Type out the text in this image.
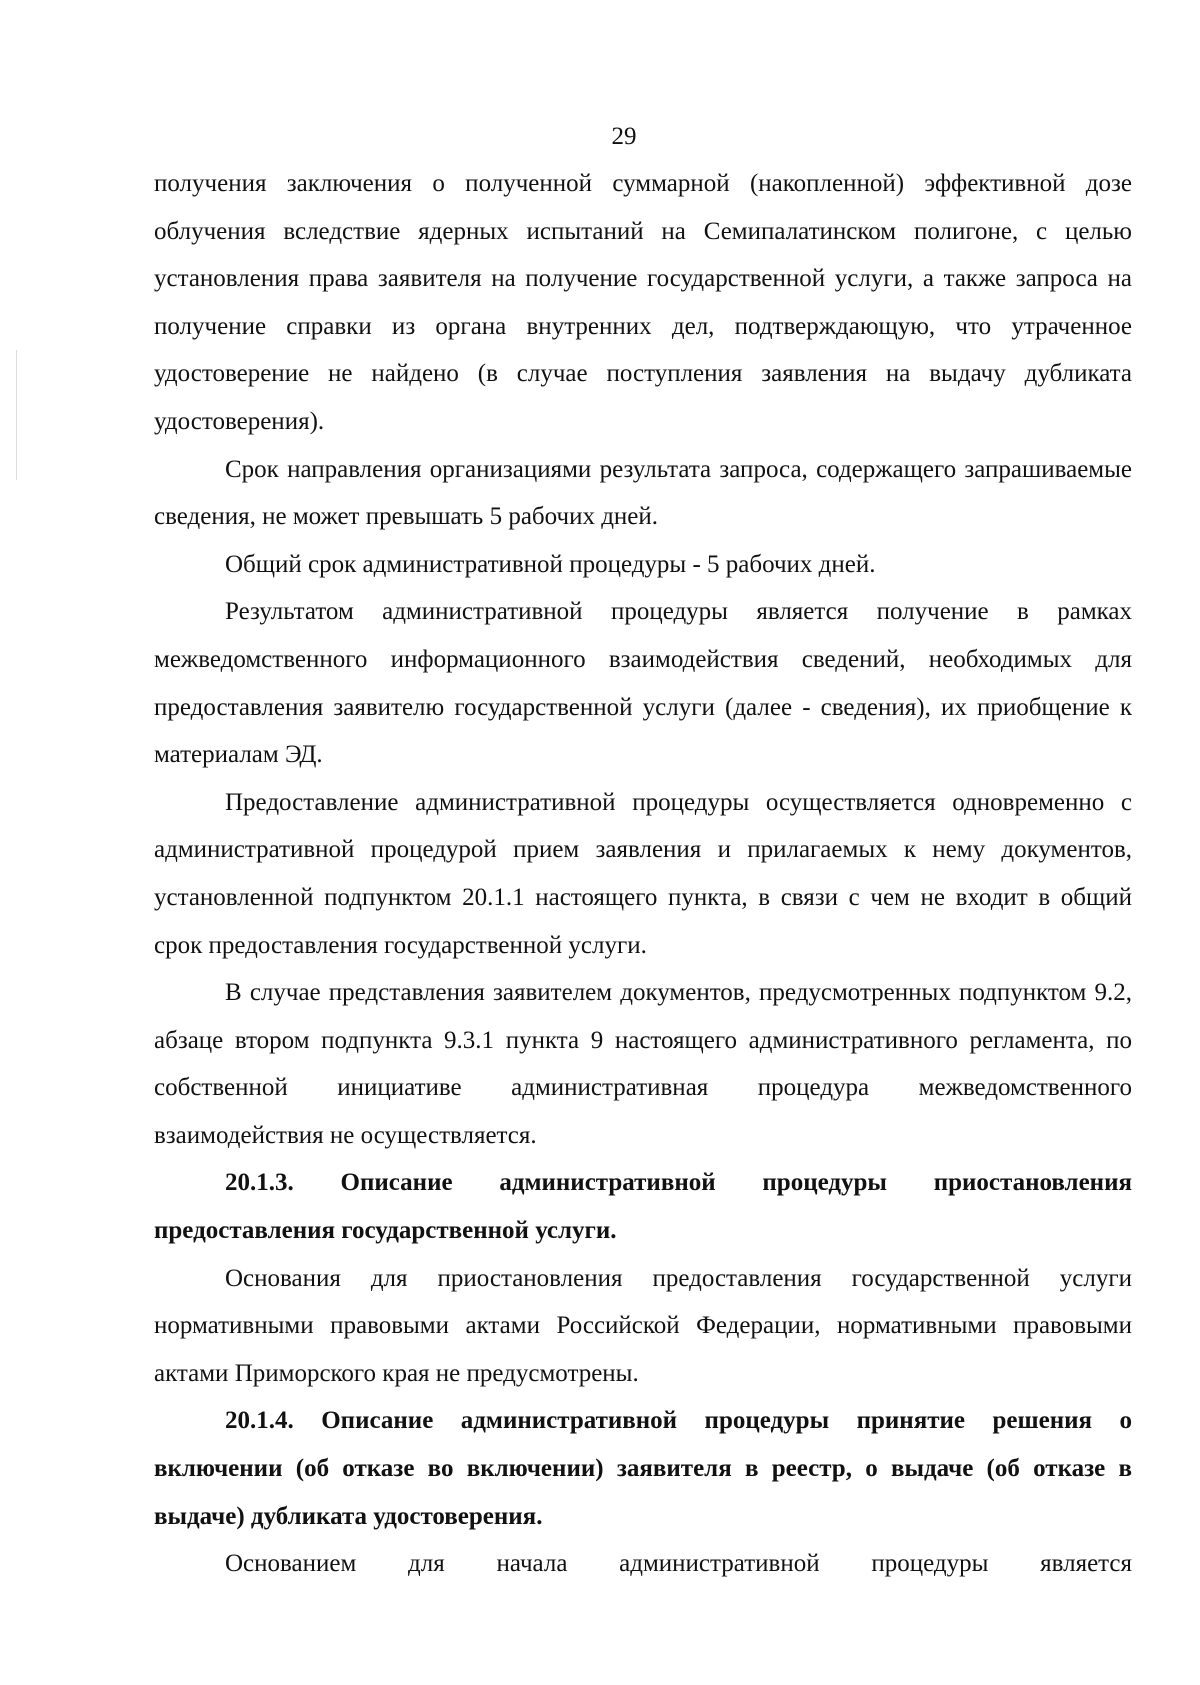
29

получения заключения о полученной суммарной (накопленной) эффективной дозе облучения вследствие ядерных испытаний на Семипалатинском полигоне, с целью установления права заявителя на получение государственной услуги, а также запроса на получение справки из органа внутренних дел, подтверждающую, что утраченное удостоверение не найдено (в случае поступления заявления на выдачу дубликата удостоверения).

Срок направления организациями результата запроса, содержащего запрашиваемые сведения, не может превышать 5 рабочих дней.

Общий срок административной процедуры - 5 рабочих дней.

Результатом административной процедуры является получение в рамках межведомственного информационного взаимодействия сведений, необходимых для предоставления заявителю государственной услуги (далее - сведения), их приобщение к материалам ЭД.

Предоставление административной процедуры осуществляется одновременно с административной процедурой прием заявления и прилагаемых к нему документов, установленной подпунктом 20.1.1 настоящего пункта, в связи с чем не входит в общий срок предоставления государственной услуги.

В случае представления заявителем документов, предусмотренных подпунктом 9.2, абзаце втором подпункта 9.3.1 пункта 9 настоящего административного регламента, по собственной инициативе административная процедура межведомственного взаимодействия не осуществляется.

20.1.3. Описание административной процедуры приостановления предоставления государственной услуги.

Основания для приостановления предоставления государственной услуги нормативными правовыми актами Российской Федерации, нормативными правовыми актами Приморского края не предусмотрены.

20.1.4. Описание административной процедуры принятие решения о включении (об отказе во включении) заявителя в реестр, о выдаче (об отказе в выдаче) дубликата удостоверения.

Основанием для начала административной процедуры является
